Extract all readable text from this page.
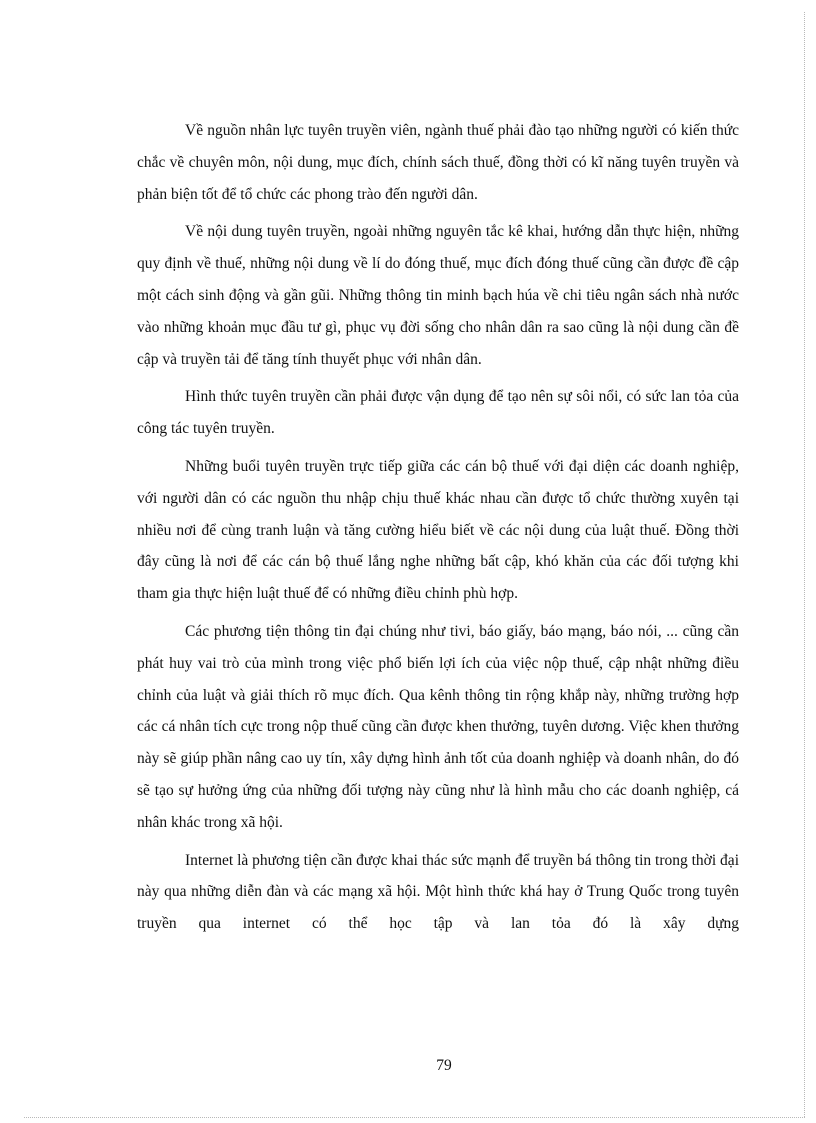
Về nguồn nhân lực tuyên truyền viên, ngành thuế phải đào tạo những người có kiến thức chắc về chuyên môn, nội dung, mục đích, chính sách thuế, đồng thời có kĩ năng tuyên truyền và phản biện tốt để tổ chức các phong trào đến người dân.

Về nội dung tuyên truyền, ngoài những nguyên tắc kê khai, hướng dẫn thực hiện, những quy định về thuế, những nội dung về lí do đóng thuế, mục đích đóng thuế cũng cần được đề cập một cách sinh động và gần gũi. Những thông tin minh bạch húa về chi tiêu ngân sách nhà nước vào những khoản mục đầu tư gì, phục vụ đời sống cho nhân dân ra sao cũng là nội dung cần đề cập và truyền tải để tăng tính thuyết phục với nhân dân.

Hình thức tuyên truyền cần phải được vận dụng để tạo nên sự sôi nổi, có sức lan tỏa của công tác tuyên truyền.

Những buổi tuyên truyền trực tiếp giữa các cán bộ thuế với đại diện các doanh nghiệp, với người dân có các nguồn thu nhập chịu thuế khác nhau cần được tổ chức thường xuyên tại nhiều nơi để cùng tranh luận và tăng cường hiểu biết về các nội dung của luật thuế. Đồng thời đây cũng là nơi để các cán bộ thuế lắng nghe những bất cập, khó khăn của các đối tượng khi tham gia thực hiện luật thuế để có những điều chỉnh phù hợp.

Các phương tiện thông tin đại chúng như tivi, báo giấy, báo mạng, báo nói, ... cũng cần phát huy vai trò của mình trong việc phổ biến lợi ích của việc nộp thuế, cập nhật những điều chỉnh của luật và giải thích rõ mục đích. Qua kênh thông tin rộng khắp này, những trường hợp các cá nhân tích cực trong nộp thuế cũng cần được khen thưởng, tuyên dương. Việc khen thưởng này sẽ giúp phần nâng cao uy tín, xây dựng hình ảnh tốt của doanh nghiệp và doanh nhân, do đó sẽ tạo sự hưởng ứng của những đối tượng này cũng như là hình mẫu cho các doanh nghiệp, cá nhân khác trong xã hội.

Internet là phương tiện cần được khai thác sức mạnh để truyền bá thông tin trong thời đại này qua những diễn đàn và các mạng xã hội. Một hình thức khá hay ở Trung Quốc trong tuyên truyền qua internet có thể học tập và lan tỏa đó là xây dựng

79
